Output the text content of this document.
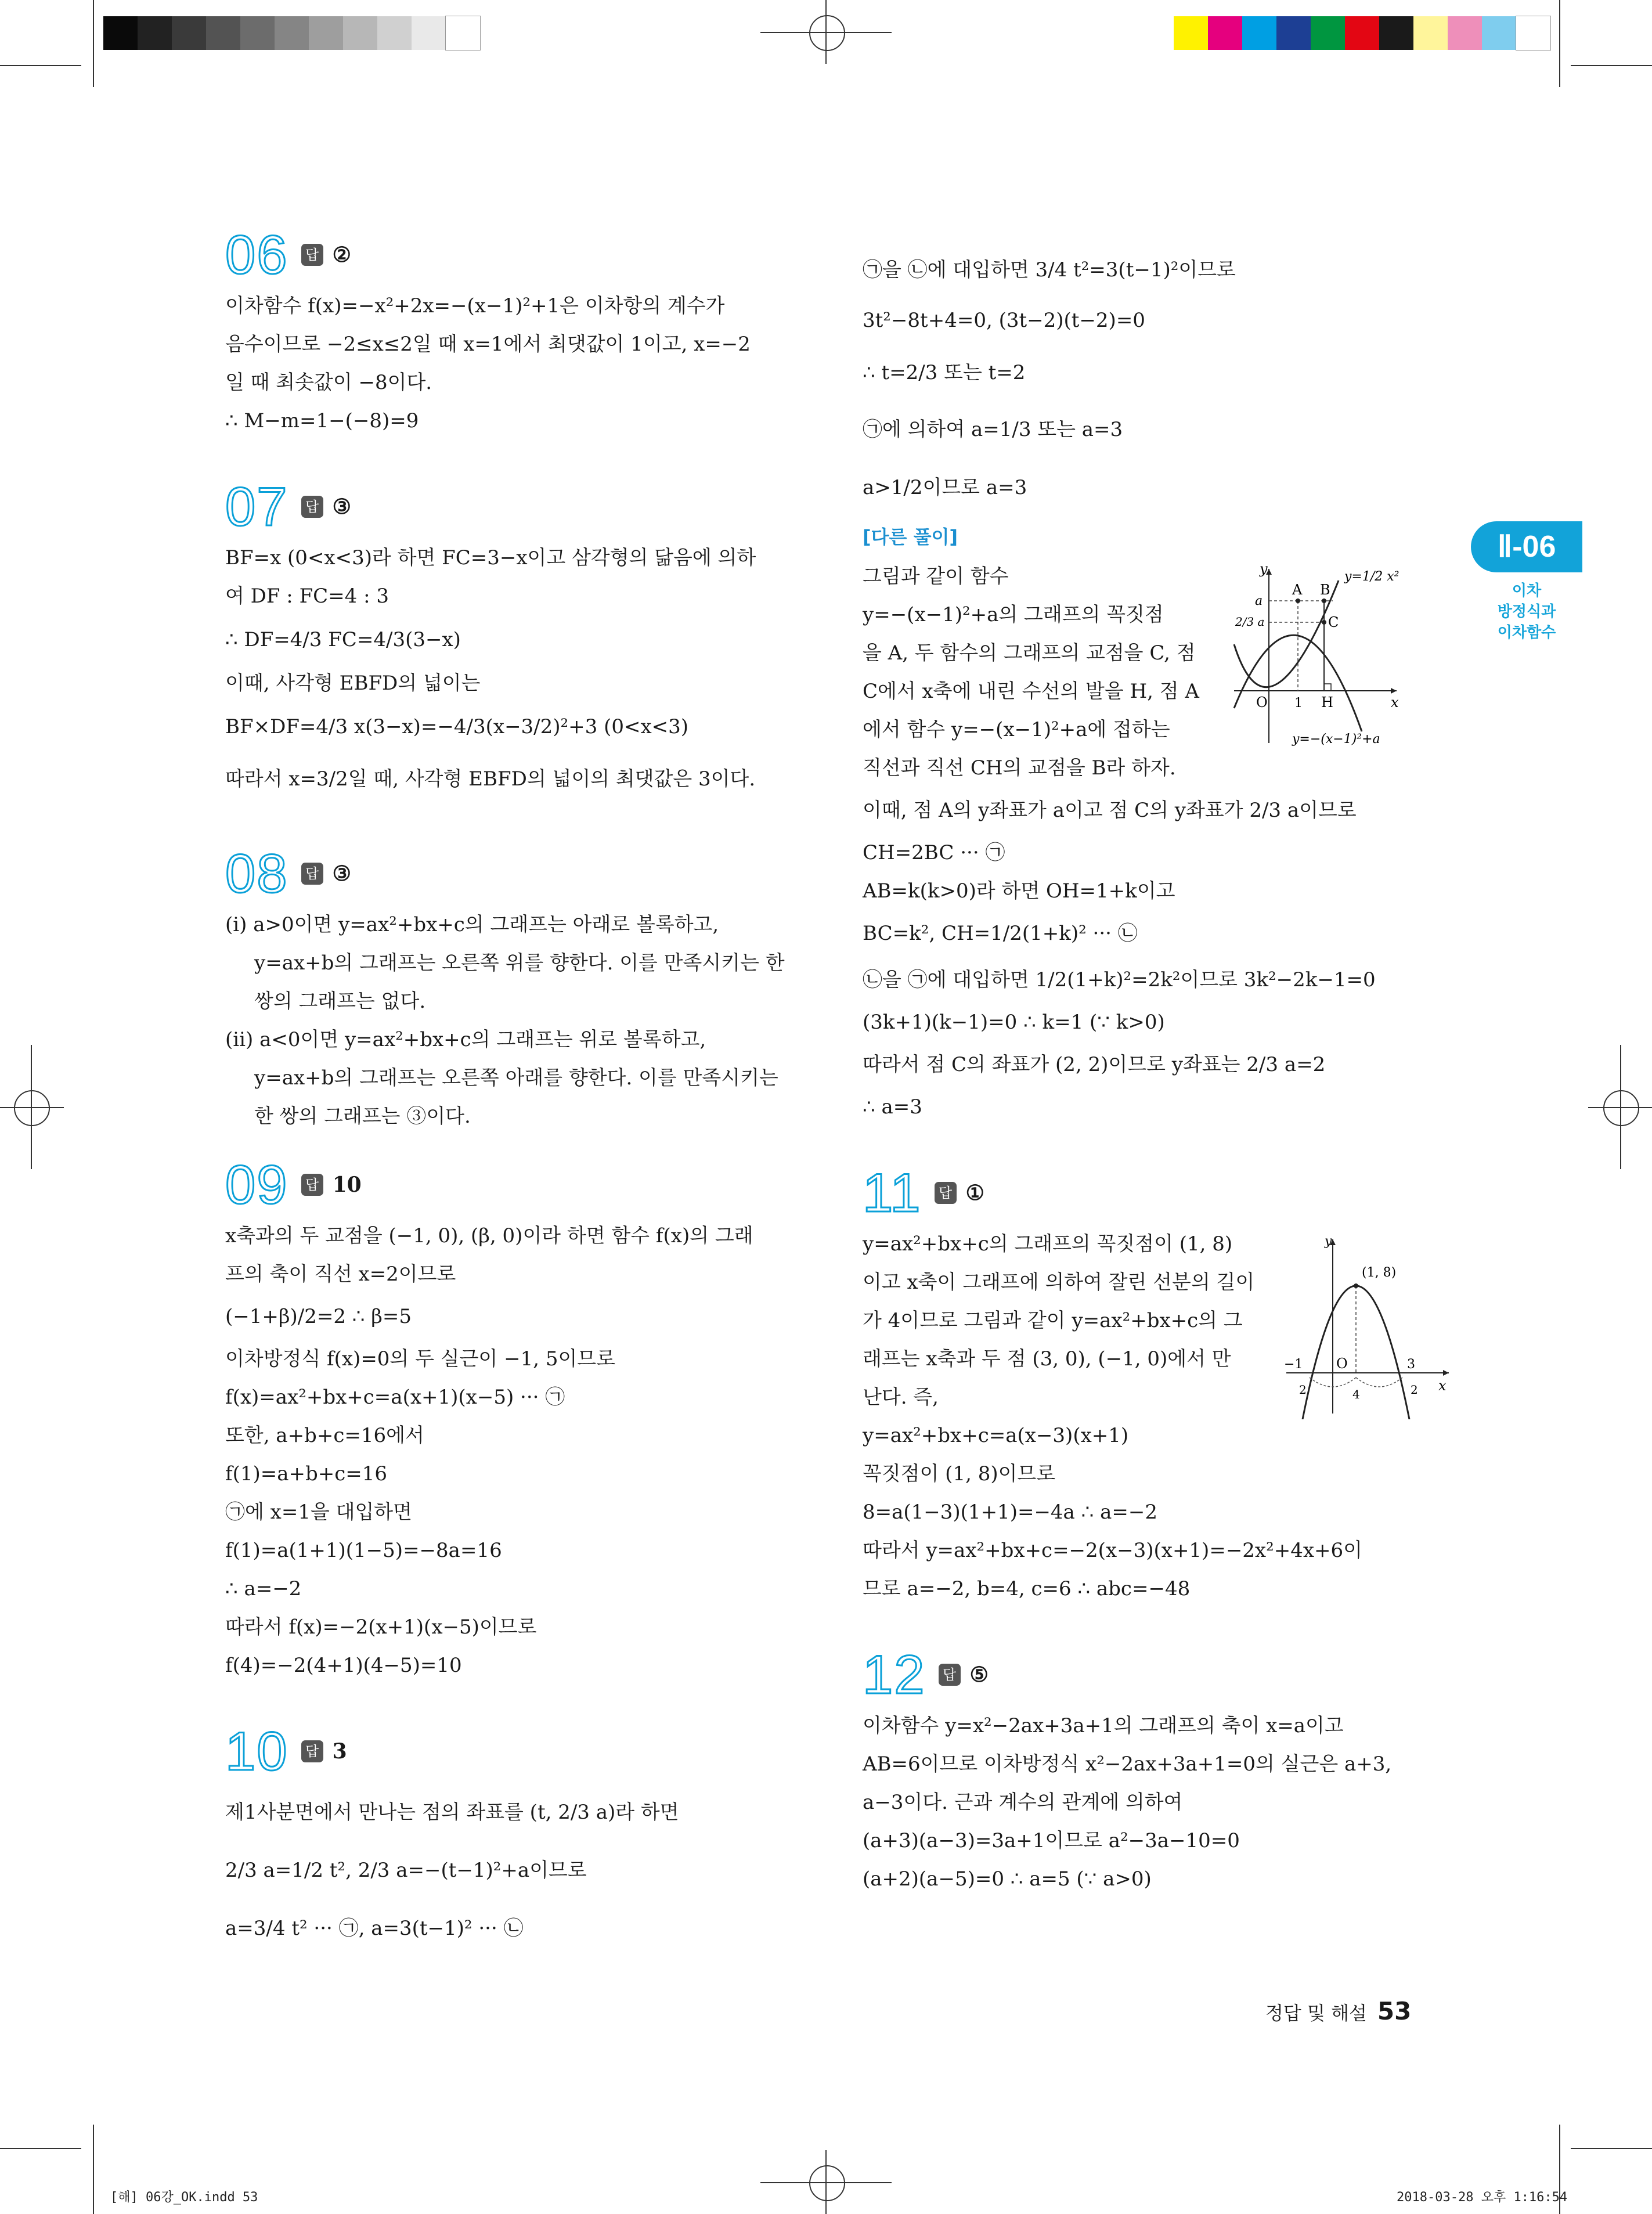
Ⅱ-06
이차
방정식과
이차함수
06	답 ②
이차함수 f(x)=−x²+2x=−(x−1)²+1은 이차항의 계수가
음수이므로 −2≤x≤2일 때 x=1에서 최댓값이 1이고, x=−2
일 때 최솟값이 −8이다.
∴ M−m=1−(−8)=9
07	답 ③
BF=x (0<x<3)라 하면 FC=3−x이고 삼각형의 닮음에 의하
여 DF : FC=4 : 3
∴ DF=4/3 FC=4/3(3−x)
이때, 사각형 EBFD의 넓이는
BF×DF=4/3 x(3−x)=−4/3(x−3/2)²+3 (0<x<3)
따라서 x=3/2일 때, 사각형 EBFD의 넓이의 최댓값은 3이다.
08	답 ③
(ⅰ) a>0이면 y=ax²+bx+c의 그래프는 아래로 볼록하고,
y=ax+b의 그래프는 오른쪽 위를 향한다. 이를 만족시키는 한
쌍의 그래프는 없다.
(ⅱ) a<0이면 y=ax²+bx+c의 그래프는 위로 볼록하고,
y=ax+b의 그래프는 오른쪽 아래를 향한다. 이를 만족시키는
한 쌍의 그래프는 ③이다.
09	답 10
x축과의 두 교점을 (−1, 0), (β, 0)이라 하면 함수 f(x)의 그래
프의 축이 직선 x=2이므로
(−1+β)/2=2 ∴ β=5
이차방정식 f(x)=0의 두 실근이 −1, 5이므로
f(x)=ax²+bx+c=a(x+1)(x−5) ··· ㉠
또한, a+b+c=16에서
f(1)=a+b+c=16
㉠에 x=1을 대입하면
f(1)=a(1+1)(1−5)=−8a=16
∴ a=−2
따라서 f(x)=−2(x+1)(x−5)이므로
f(4)=−2(4+1)(4−5)=10
10	답 3
제1사분면에서 만나는 점의 좌표를 (t, 2/3 a)라 하면
2/3 a=1/2 t², 2/3 a=−(t−1)²+a이므로
a=3/4 t² ··· ㉠, a=3(t−1)² ··· ㉡
㉠을 ㉡에 대입하면 3/4 t²=3(t−1)²이므로
3t²−8t+4=0, (3t−2)(t−2)=0
∴ t=2/3 또는 t=2
㉠에 의하여 a=1/3 또는 a=3
a>1/2이므로 a=3
[다른 풀이]
그림과 같이 함수
y=−(x−1)²+a의 그래프의 꼭짓점
을 A, 두 함수의 그래프의 교점을 C, 점
C에서 x축에 내린 수선의 발을 H, 점 A
에서 함수 y=−(x−1)²+a에 접하는
직선과 직선 CH의 교점을 B라 하자.
이때, 점 A의 y좌표가 a이고 점 C의 y좌표가 2/3 a이므로
CH=2BC ··· ㉠
AB=k(k>0)라 하면 OH=1+k이고
BC=k², CH=1/2(1+k)² ··· ㉡
㉡을 ㉠에 대입하면 1/2(1+k)²=2k²이므로 3k²−2k−1=0
(3k+1)(k−1)=0 ∴ k=1 (∵ k>0)
따라서 점 C의 좌표가 (2, 2)이므로 y좌표는 2/3 a=2
∴ a=3
y
x
y=1/2 x²
y=−(x−1)²+a
a
2/3 a
A B
C
O 1 H
11	답 ①
y=ax²+bx+c의 그래프의 꼭짓점이 (1, 8)
이고 x축이 그래프에 의하여 잘린 선분의 길이
가 4이므로 그림과 같이 y=ax²+bx+c의 그
래프는 x축과 두 점 (3, 0), (−1, 0)에서 만
난다. 즉,
y=ax²+bx+c=a(x−3)(x+1)
꼭짓점이 (1, 8)이므로
8=a(1−3)(1+1)=−4a ∴ a=−2
따라서 y=ax²+bx+c=−2(x−3)(x+1)=−2x²+4x+6이
므로 a=−2, b=4, c=6 ∴ abc=−48
y
x
(1, 8)
−1 O	3
2	4	2
12	답 ⑤
이차함수 y=x²−2ax+3a+1의 그래프의 축이 x=a이고
AB=6이므로 이차방정식 x²−2ax+3a+1=0의 실근은 a+3,
a−3이다. 근과 계수의 관계에 의하여
(a+3)(a−3)=3a+1이므로 a²−3a−10=0
(a+2)(a−5)=0 ∴ a=5 (∵ a>0)
정답 및 해설 53
[해] 06강_OK.indd 53	2018-03-28 오후 1:16:54
